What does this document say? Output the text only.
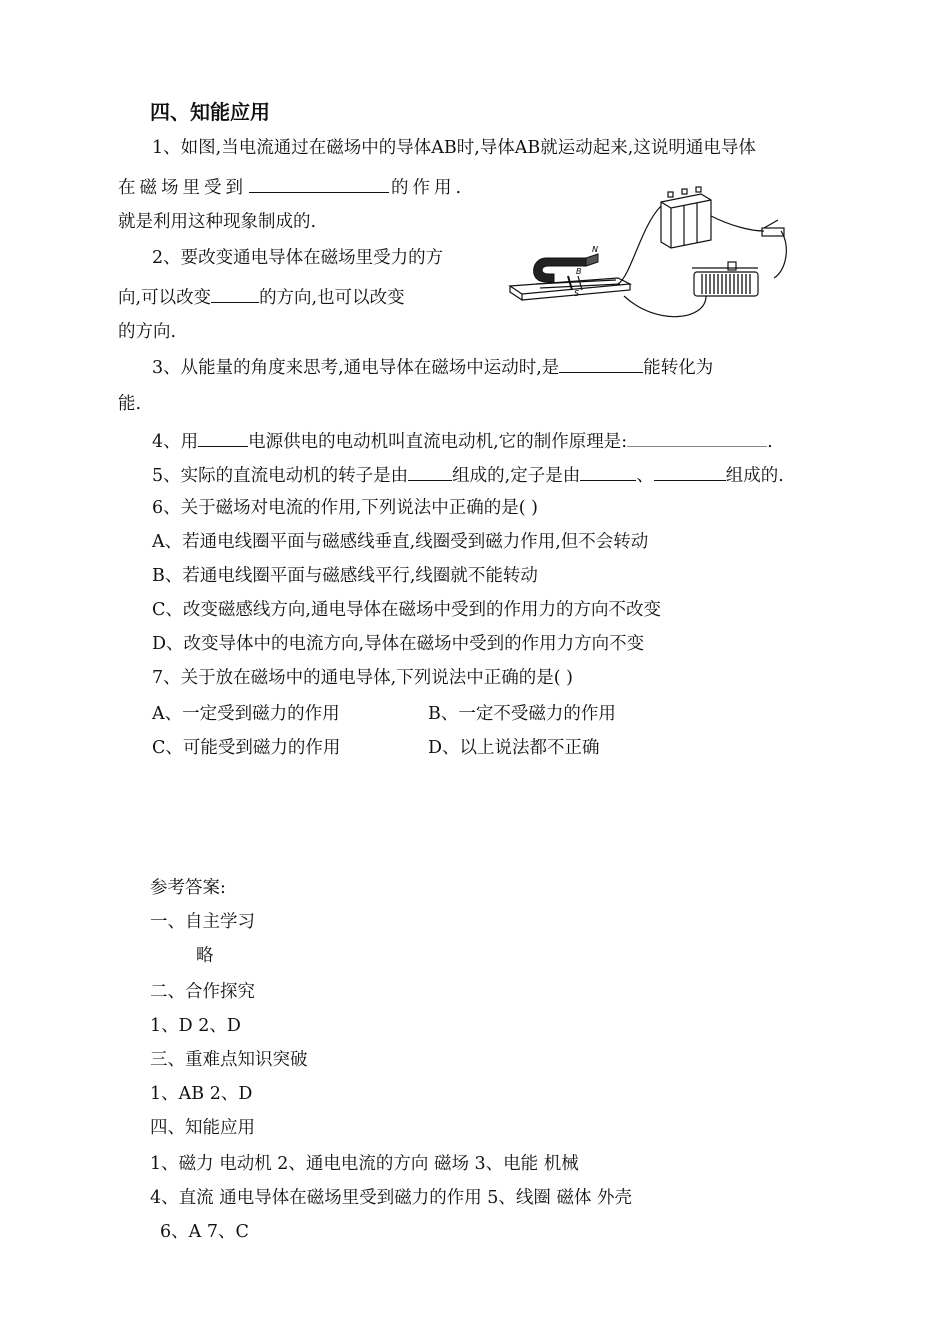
四、知能应用
1、如图,当电流通过在磁场中的导体AB时,导体AB就运动起来,这说明通电导体
在磁场里受到	的作用.
就是利用这种现象制成的.
2、要改变通电导体在磁场里受力的方
向,可以改变	的方向,也可以改变
的方向.
3、从能量的角度来思考,通电导体在磁场中运动时,是	能转化为
能.
4、用	电源供电的电动机叫直流电动机,它的制作原理是:	.
5、实际的直流电动机的转子是由	组成的,定子是由	、	组成的.
6、关于磁场对电流的作用,下列说法中正确的是( )
A、若通电线圈平面与磁感线垂直,线圈受到磁力作用,但不会转动
B、若通电线圈平面与磁感线平行,线圈就不能转动
C、改变磁感线方向,通电导体在磁场中受到的作用力的方向不改变
D、改变导体中的电流方向,导体在磁场中受到的作用力方向不变
7、关于放在磁场中的通电导体,下列说法中正确的是( )
A、一定受到磁力的作用	B、一定不受磁力的作用
C、可能受到磁力的作用	D、以上说法都不正确
N
B
S
参考答案:
一、自主学习
略
二、合作探究
1、D 2、D
三、重难点知识突破
1、AB 2、D
四、知能应用
1、磁力 电动机 2、通电电流的方向 磁场 3、电能 机械
4、直流 通电导体在磁场里受到磁力的作用 5、线圈 磁体 外壳
6、A 7、C
